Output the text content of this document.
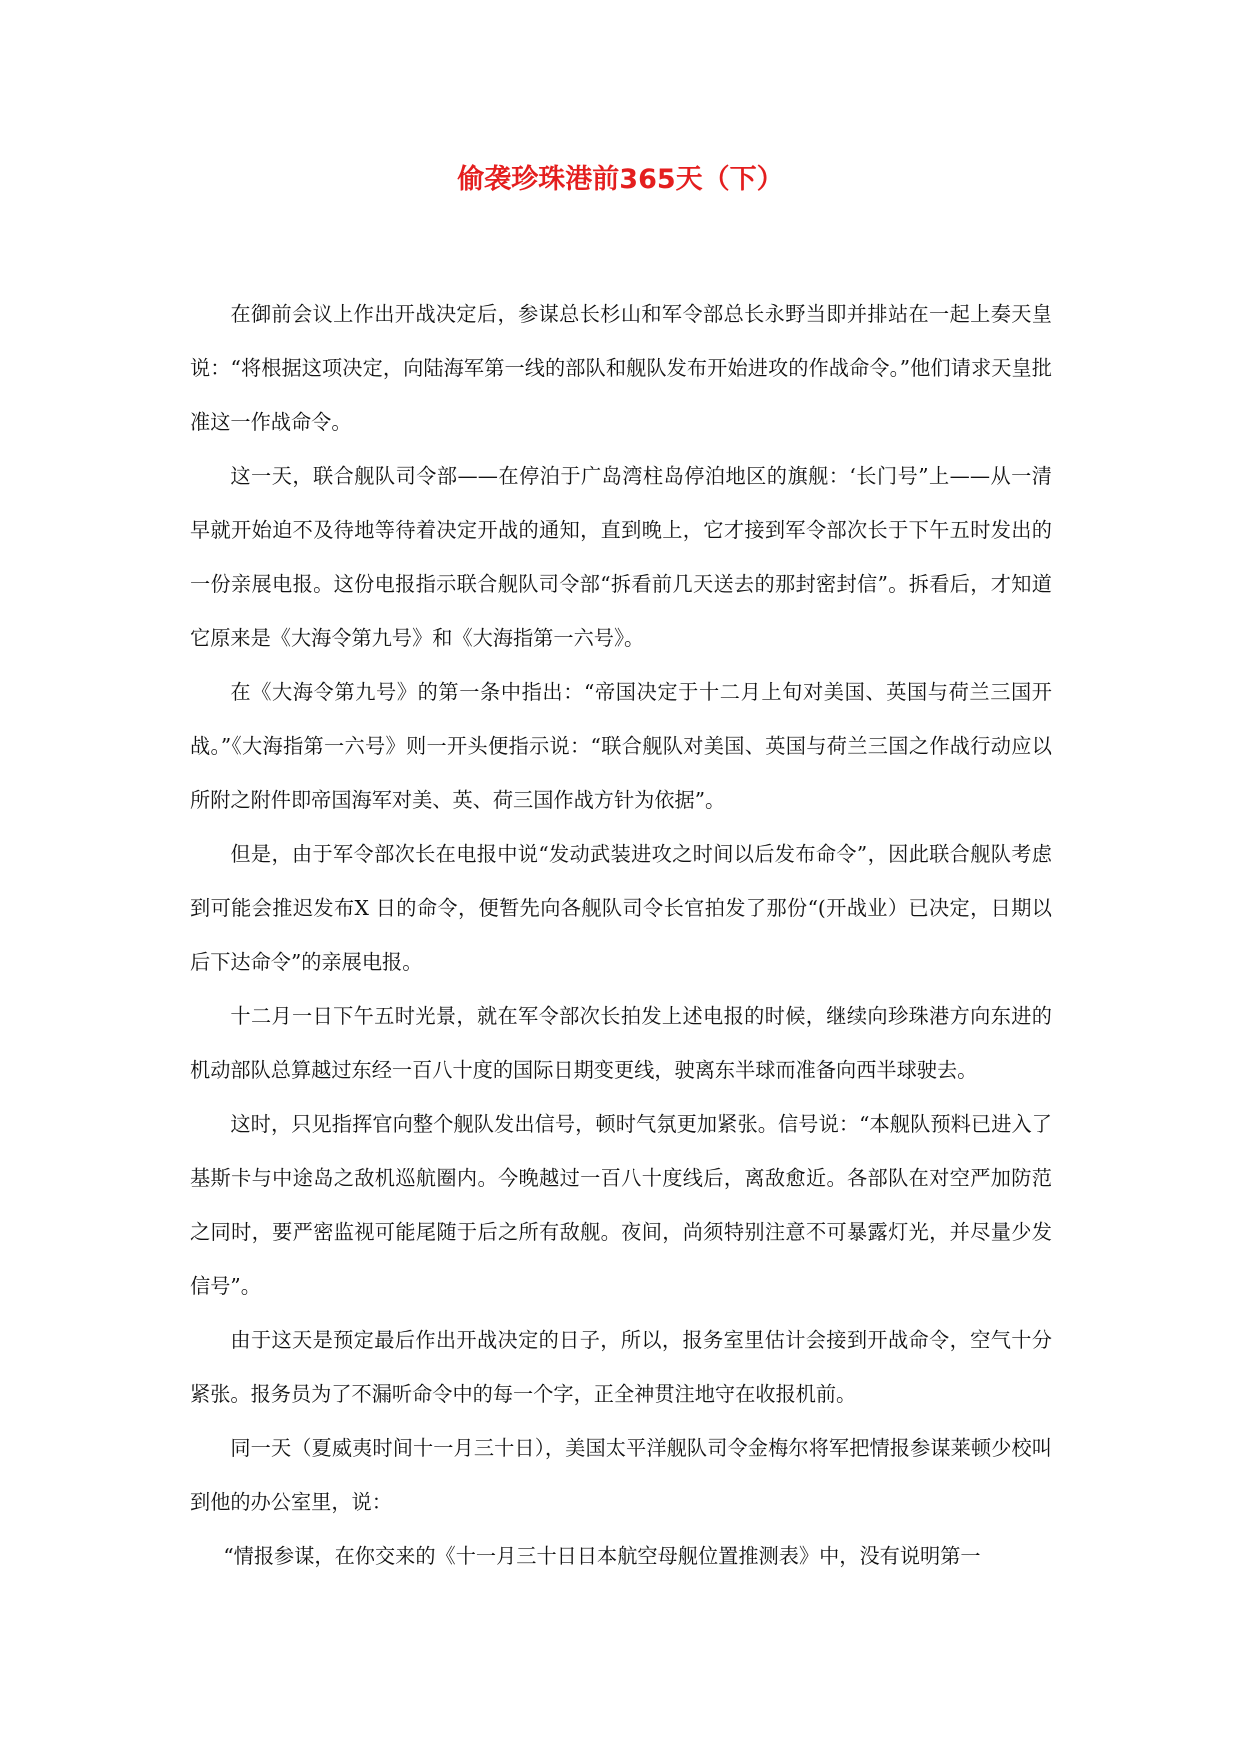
偷袭珍珠港前365天（下）

在御前会议上作出开战决定后，参谋总长杉山和军令部总长永野当即并排站在一起上奏天皇说：“将根据这项决定，向陆海军第一线的部队和舰队发布开始进攻的作战命令。”他们请求天皇批准这一作战命令。

这一天，联合舰队司令部——在停泊于广岛湾柱岛停泊地区的旗舰：‘长门号”上——从一清早就开始迫不及待地等待着决定开战的通知，直到晚上，它才接到军令部次长于下午五时发出的一份亲展电报。这份电报指示联合舰队司令部“拆看前几天送去的那封密封信”。拆看后，才知道它原来是《大海令第九号》和《大海指第一六号》。

在《大海令第九号》的第一条中指出：“帝国决定于十二月上旬对美国、英国与荷兰三国开战。”《大海指第一六号》则一开头便指示说：“联合舰队对美国、英国与荷兰三国之作战行动应以所附之附件即帝国海军对美、英、荷三国作战方针为依据”。

但是，由于军令部次长在电报中说“发动武装进攻之时间以后发布命令”，因此联合舰队考虑到可能会推迟发布X 日的命令，便暂先向各舰队司令长官拍发了那份“(开战业）已决定，日期以后下达命令”的亲展电报。

十二月一日下午五时光景，就在军令部次长拍发上述电报的时候，继续向珍珠港方向东进的机动部队总算越过东经一百八十度的国际日期变更线，驶离东半球而准备向西半球驶去。

这时，只见指挥官向整个舰队发出信号，顿时气氛更加紧张。信号说：“本舰队预料已进入了基斯卡与中途岛之敌机巡航圈内。今晚越过一百八十度线后，离敌愈近。各部队在对空严加防范之同时，要严密监视可能尾随于后之所有敌舰。夜间，尚须特别注意不可暴露灯光，并尽量少发信号”。

由于这天是预定最后作出开战决定的日子，所以，报务室里估计会接到开战命令，空气十分紧张。报务员为了不漏听命令中的每一个字，正全神贯注地守在收报机前。

同一天（夏威夷时间十一月三十日），美国太平洋舰队司令金梅尔将军把情报参谋莱顿少校叫到他的办公室里，说：

“情报参谋，在你交来的《十一月三十日日本航空母舰位置推测表》中，没有说明第一
